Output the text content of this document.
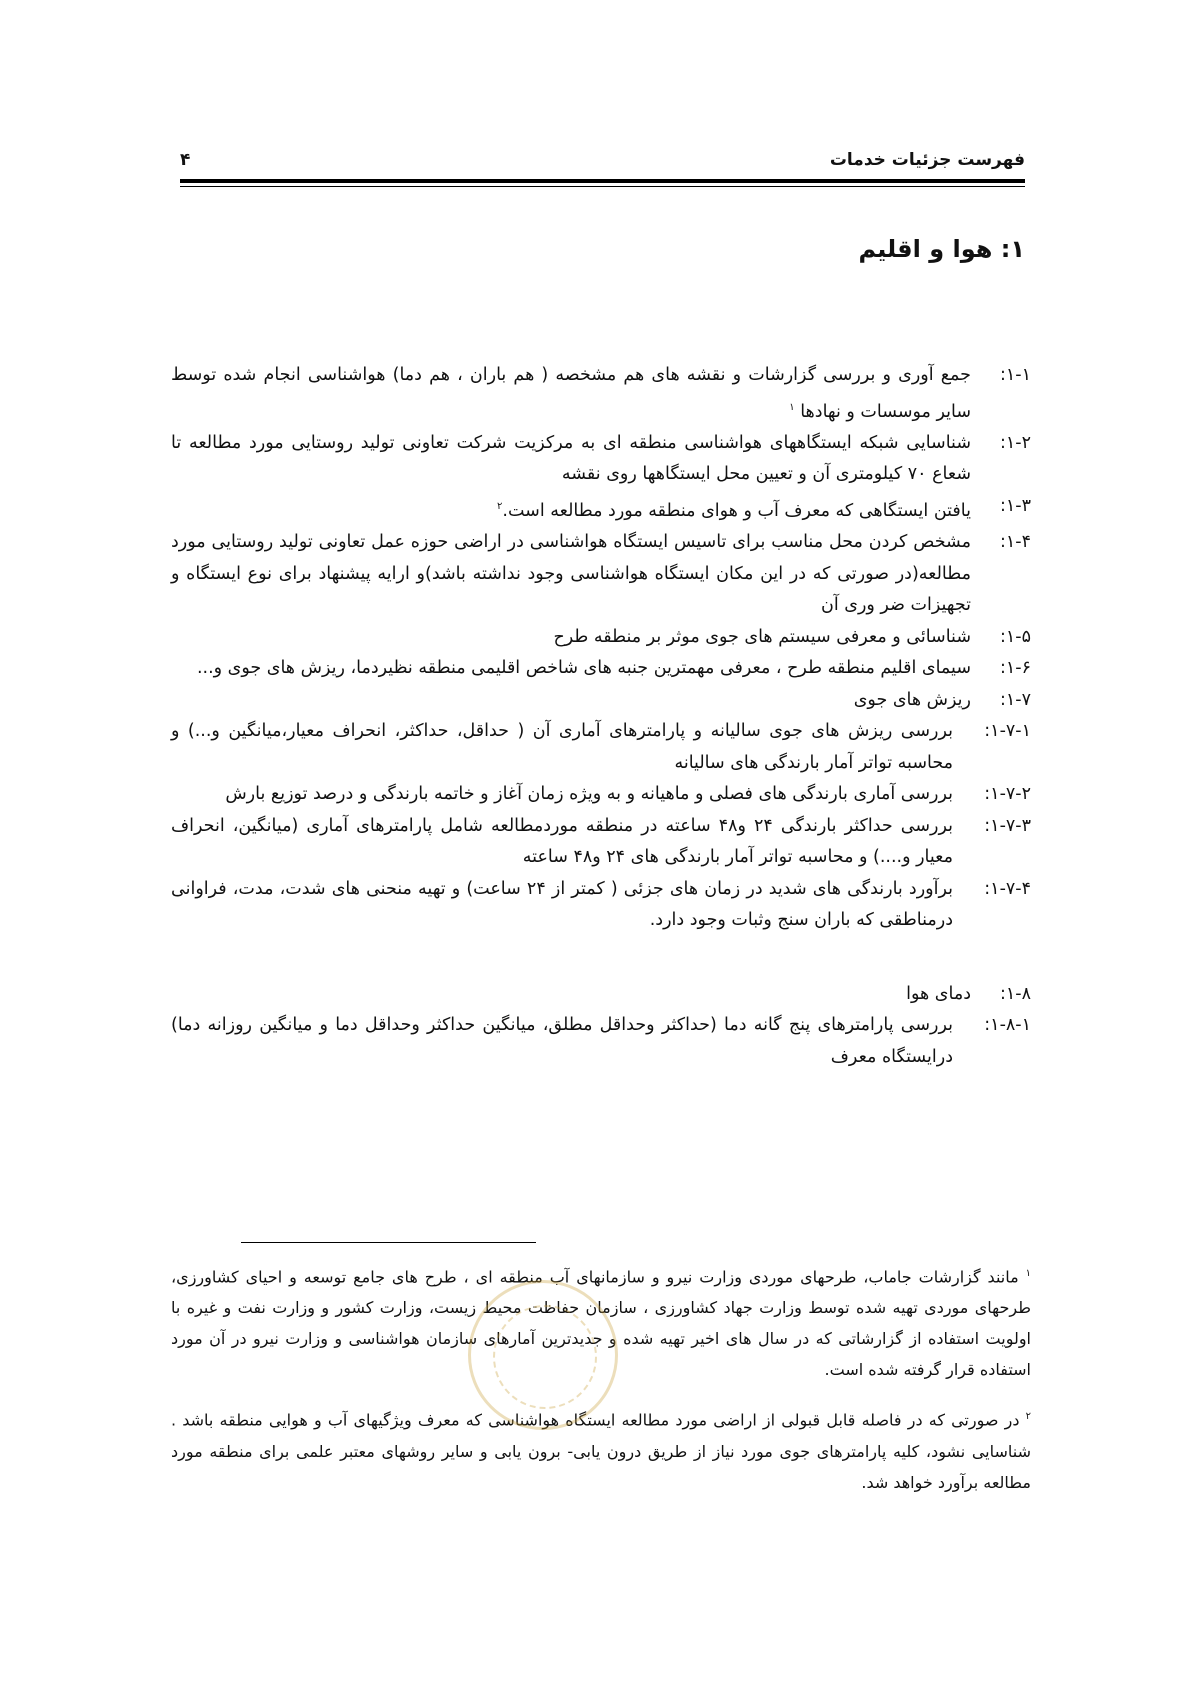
فهرست جزئیات خدمات
۴
۱: هوا و اقلیم
۱-۱:
جمع آوری و بررسی گزارشات و نقشه های هم مشخصه ( هم باران ، هم دما) هواشناسی انجام شده توسط سایر موسسات و نهادها $^۱$
۱-۲:
شناسایی شبکه ایستگاههای هواشناسی منطقه ای به مرکزیت شرکت تعاونی تولید روستایی مورد مطالعه تا شعاع ۷۰ کیلومتری آن و تعیین محل ایستگاهها روی نقشه
۱-۳:
یافتن ایستگاهی که معرف آب و هوای منطقه مورد مطالعه است.$^۲$
۱-۴:
مشخص کردن محل مناسب برای تاسیس ایستگاه هواشناسی در اراضی حوزه عمل تعاونی تولید روستایی مورد مطالعه(در صورتی که در این مکان ایستگاه هواشناسی وجود نداشته باشد)و ارایه پیشنهاد برای نوع ایستگاه و تجهیزات ضر وری آن
۱-۵:
شناسائی و معرفی سیستم های جوی موثر بر منطقه طرح
۱-۶:
سیمای اقلیم منطقه طرح ، معرفی مهمترین جنبه های شاخص اقلیمی منطقه نظیردما، ریزش های جوی و...
۱-۷:
ریزش های جوی
۱-۷-۱:
بررسی ریزش های جوی سالیانه و پارامترهای آماری آن ( حداقل، حداکثر، انحراف معیار،میانگین و...) و محاسبه تواتر آمار بارندگی های سالیانه
۱-۷-۲:
بررسی آماری بارندگی های فصلی و ماهیانه و به ویژه زمان آغاز و خاتمه بارندگی و درصد توزیع بارش
۱-۷-۳:
بررسی حداکثر بارندگی ۲۴ و۴۸ ساعته در منطقه موردمطالعه شامل پارامترهای آماری (میانگین، انحراف معیار و....) و محاسبه تواتر آمار بارندگی های ۲۴ و۴۸ ساعته
۱-۷-۴:
برآورد بارندگی های شدید در زمان های جزئی ( کمتر از ۲۴ ساعت) و تهیه منحنی های شدت، مدت، فراوانی درمناطقی که باران سنج وثبات وجود دارد.
۱-۸:
دمای هوا
۱-۸-۱:
بررسی پارامترهای پنج گانه دما (حداکثر وحداقل مطلق، میانگین حداکثر وحداقل دما و میانگین روزانه دما) درایستگاه معرف

$^۱$ مانند گزارشات جاماب، طرحهای موردی وزارت نیرو و سازمانهای آب منطقه ای ، طرح های جامع توسعه و احیای کشاورزی، طرحهای موردی تهیه شده توسط وزارت جهاد کشاورزی ، سازمان حفاظت محیط زیست، وزارت کشور و وزارت نفت و غیره با اولویت استفاده از گزارشاتی که در سال های اخیر تهیه شده و جدیدترین آمارهای سازمان هواشناسی و وزارت نیرو در آن مورد استفاده قرار گرفته شده است.

$^۲$ در صورتی که در فاصله قابل قبولی از اراضی مورد مطالعه ایستگاه هواشناسی که معرف ویژگیهای آب و هوایی منطقه باشد . شناسایی نشود، کلیه پارامترهای جوی مورد نیاز از طریق درون یابی- برون یابی و سایر روشهای معتبر علمی برای منطقه مورد مطالعه برآورد خواهد شد.
